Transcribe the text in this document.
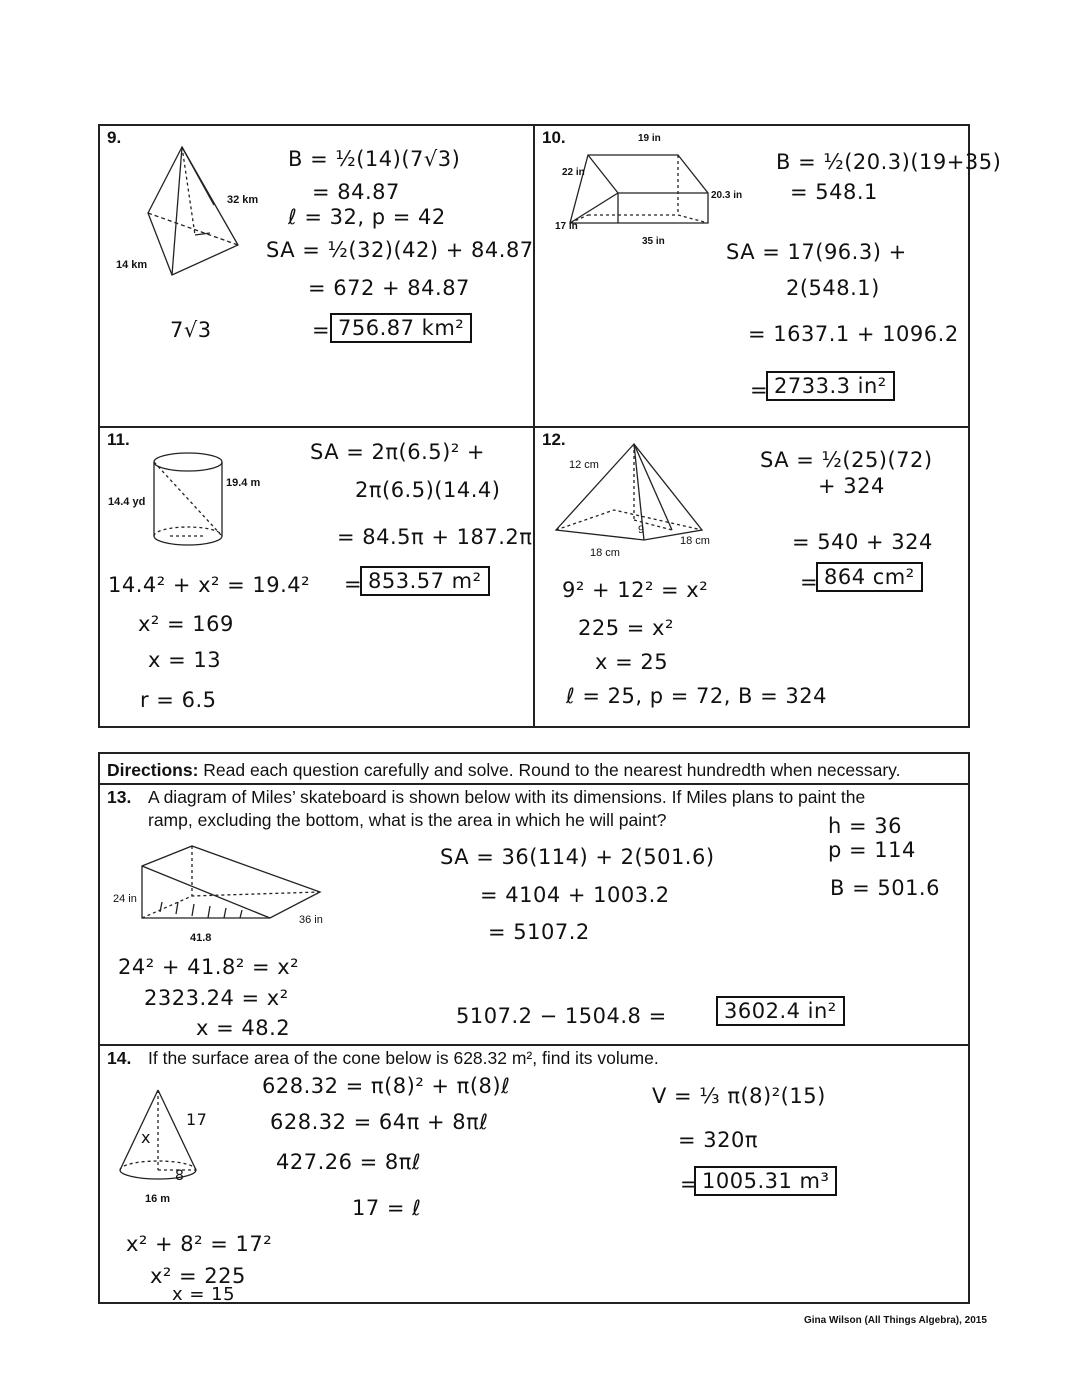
9.
32 km
14 km
7√3
B = ½(14)(7√3)
= 84.87
ℓ = 32, p = 42
SA = ½(32)(42) + 84.87
= 672 + 84.87
= 756.87 km²
10.	19 in
22 in
20.3 in
17 in
35 in
B = ½(20.3)(19+35)
= 548.1
SA = 17(96.3) +
2(548.1)
= 1637.1 + 1096.2
= 2733.3 in²
11.
19.4 m
14.4 yd
SA = 2π(6.5)² +
2π(6.5)(14.4)
= 84.5π + 187.2π
= 853.57 m²
14.4² + x² = 19.4²
x² = 169
x = 13
r = 6.5
12.
12 cm
18 cm
18 cm
9
SA = ½(25)(72)
+ 324
= 540 + 324
= 864 cm²
9² + 12² = x²
225 = x²
x = 25
ℓ = 25, p = 72, B = 324
Directions: Read each question carefully and solve. Round to the nearest hundredth when necessary.
13. A diagram of Miles’ skateboard is shown below with its dimensions. If Miles plans to paint the
ramp, excluding the bottom, what is the area in which he will paint?
24 in
41.8
36 in
h = 36
p = 114
B = 501.6
SA = 36(114) + 2(501.6)
= 4104 + 1003.2
= 5107.2
24² + 41.8² = x²
2323.24 = x²
x = 48.2	5107.2 − 1504.8 =	3602.4 in²
14. If the surface area of the cone below is 628.32 m², find its volume.
17
x
8
16 m
628.32 = π(8)² + π(8)ℓ
628.32 = 64π + 8πℓ
427.26 = 8πℓ
17 = ℓ
V = ⅓ π(8)²(15)
= 320π
= 1005.31 m³
x² + 8² = 17²
x² = 225
x = 15
Gina Wilson (All Things Algebra), 2015
